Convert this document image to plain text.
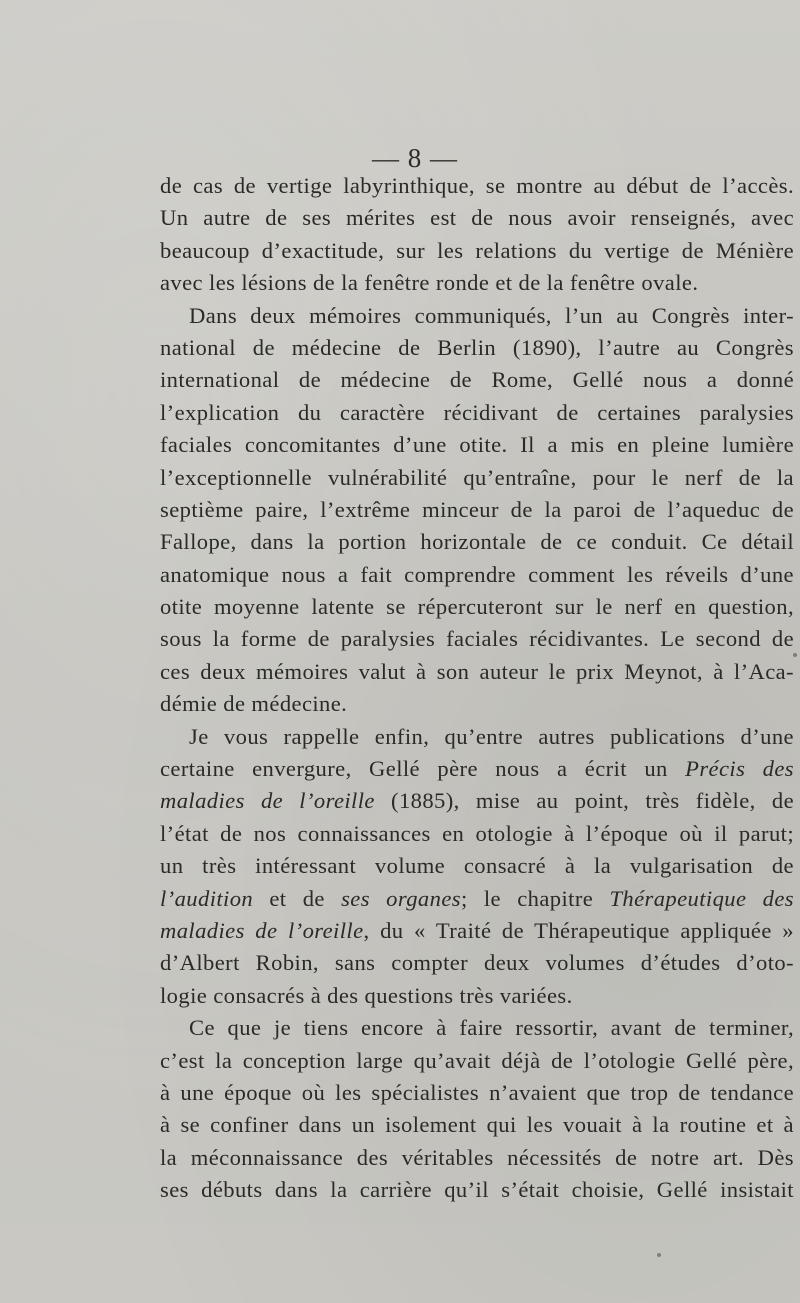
— 8 —
de cas de vertige labyrinthique, se montre au début de l’accès.
Un autre de ses mérites est de nous avoir renseignés, avec
beaucoup d’exactitude, sur les relations du vertige de Ménière
avec les lésions de la fenêtre ronde et de la fenêtre ovale.
Dans deux mémoires communiqués, l’un au Congrès inter-
national de médecine de Berlin (1890), l’autre au Congrès
international de médecine de Rome, Gellé nous a donné
l’explication du caractère récidivant de certaines paralysies
faciales concomitantes d’une otite. Il a mis en pleine lumière
l’exceptionnelle vulnérabilité qu’entraîne, pour le nerf de la
septième paire, l’extrême minceur de la paroi de l’aqueduc de
Fallope, dans la portion horizontale de ce conduit. Ce détail
anatomique nous a fait comprendre comment les réveils d’une
otite moyenne latente se répercuteront sur le nerf en question,
sous la forme de paralysies faciales récidivantes. Le second de
ces deux mémoires valut à son auteur le prix Meynot, à l’Aca-
démie de médecine.
Je vous rappelle enfin, qu’entre autres publications d’une
certaine envergure, Gellé père nous a écrit un Précis des
maladies de l’oreille (1885), mise au point, très fidèle, de
l’état de nos connaissances en otologie à l’époque où il parut;
un très intéressant volume consacré à la vulgarisation de
l’audition et de ses organes; le chapitre Thérapeutique des
maladies de l’oreille, du « Traité de Thérapeutique appliquée »
d’Albert Robin, sans compter deux volumes d’études d’oto-
logie consacrés à des questions très variées.
Ce que je tiens encore à faire ressortir, avant de terminer,
c’est la conception large qu’avait déjà de l’otologie Gellé père,
à une époque où les spécialistes n’avaient que trop de tendance
à se confiner dans un isolement qui les vouait à la routine et à
la méconnaissance des véritables nécessités de notre art. Dès
ses débuts dans la carrière qu’il s’était choisie, Gellé insistait
